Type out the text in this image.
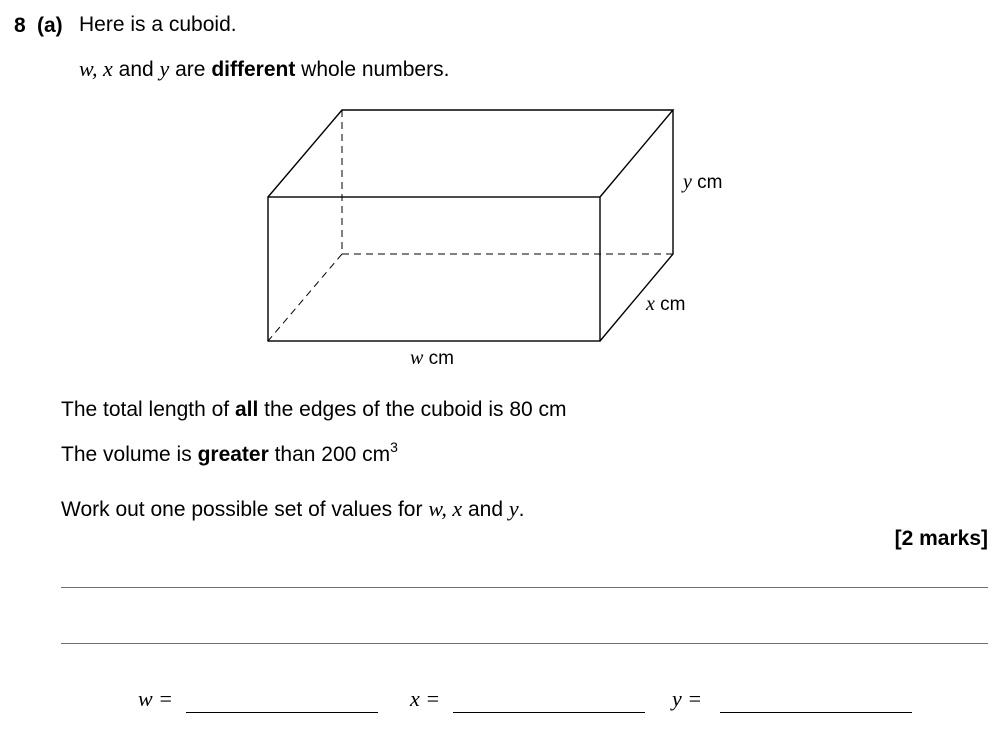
8 (a) Here is a cuboid.
w, x and y are different whole numbers.
y cm
x cm
w cm
The total length of all the edges of the cuboid is 80 cm
The volume is greater than 200 $cm^3$
Work out one possible set of values for w, x and y.
[2 marks]
w =	x =	y =
